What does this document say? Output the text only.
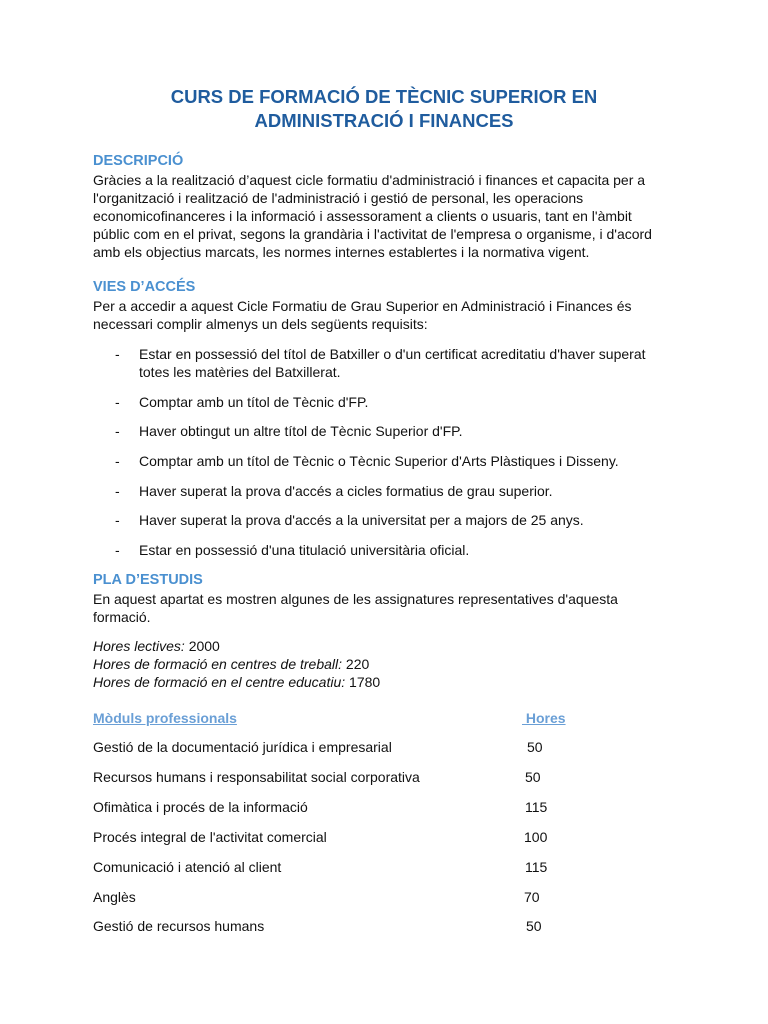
CURS DE FORMACIÓ DE TÈCNIC SUPERIOR EN
ADMINISTRACIÓ I FINANCES
DESCRIPCIÓ
Gràcies a la realització d’aquest cicle formatiu d'administració i finances et capacita per a
l'organització i realització de l'administració i gestió de personal, les operacions
economicofinanceres i la informació i assessorament a clients o usuaris, tant en l'àmbit
públic com en el privat, segons la grandària i l'activitat de l'empresa o organisme, i d'acord
amb els objectius marcats, les normes internes establertes i la normativa vigent.
VIES D’ACCÉS
Per a accedir a aquest Cicle Formatiu de Grau Superior en Administració i Finances és
necessari complir almenys un dels següents requisits:
- Estar en possessió del títol de Batxiller o d'un certificat acreditatiu d'haver superat
totes les matèries del Batxillerat.
- Comptar amb un títol de Tècnic d'FP.
- Haver obtingut un altre títol de Tècnic Superior d'FP.
- Comptar amb un títol de Tècnic o Tècnic Superior d'Arts Plàstiques i Disseny.
- Haver superat la prova d'accés a cicles formatius de grau superior.
- Haver superat la prova d'accés a la universitat per a majors de 25 anys.
- Estar en possessió d'una titulació universitària oficial.
PLA D’ESTUDIS
En aquest apartat es mostren algunes de les assignatures representatives d'aquesta
formació.
Hores lectives: 2000
Hores de formació en centres de treball: 220
Hores de formació en el centre educatiu: 1780
Mòduls professionals	Hores
Gestió de la documentació jurídica i empresarial	50
Recursos humans i responsabilitat social corporativa	50
Ofimàtica i procés de la informació	115
Procés integral de l'activitat comercial	100
Comunicació i atenció al client	115
Anglès	70
Gestió de recursos humans	50
